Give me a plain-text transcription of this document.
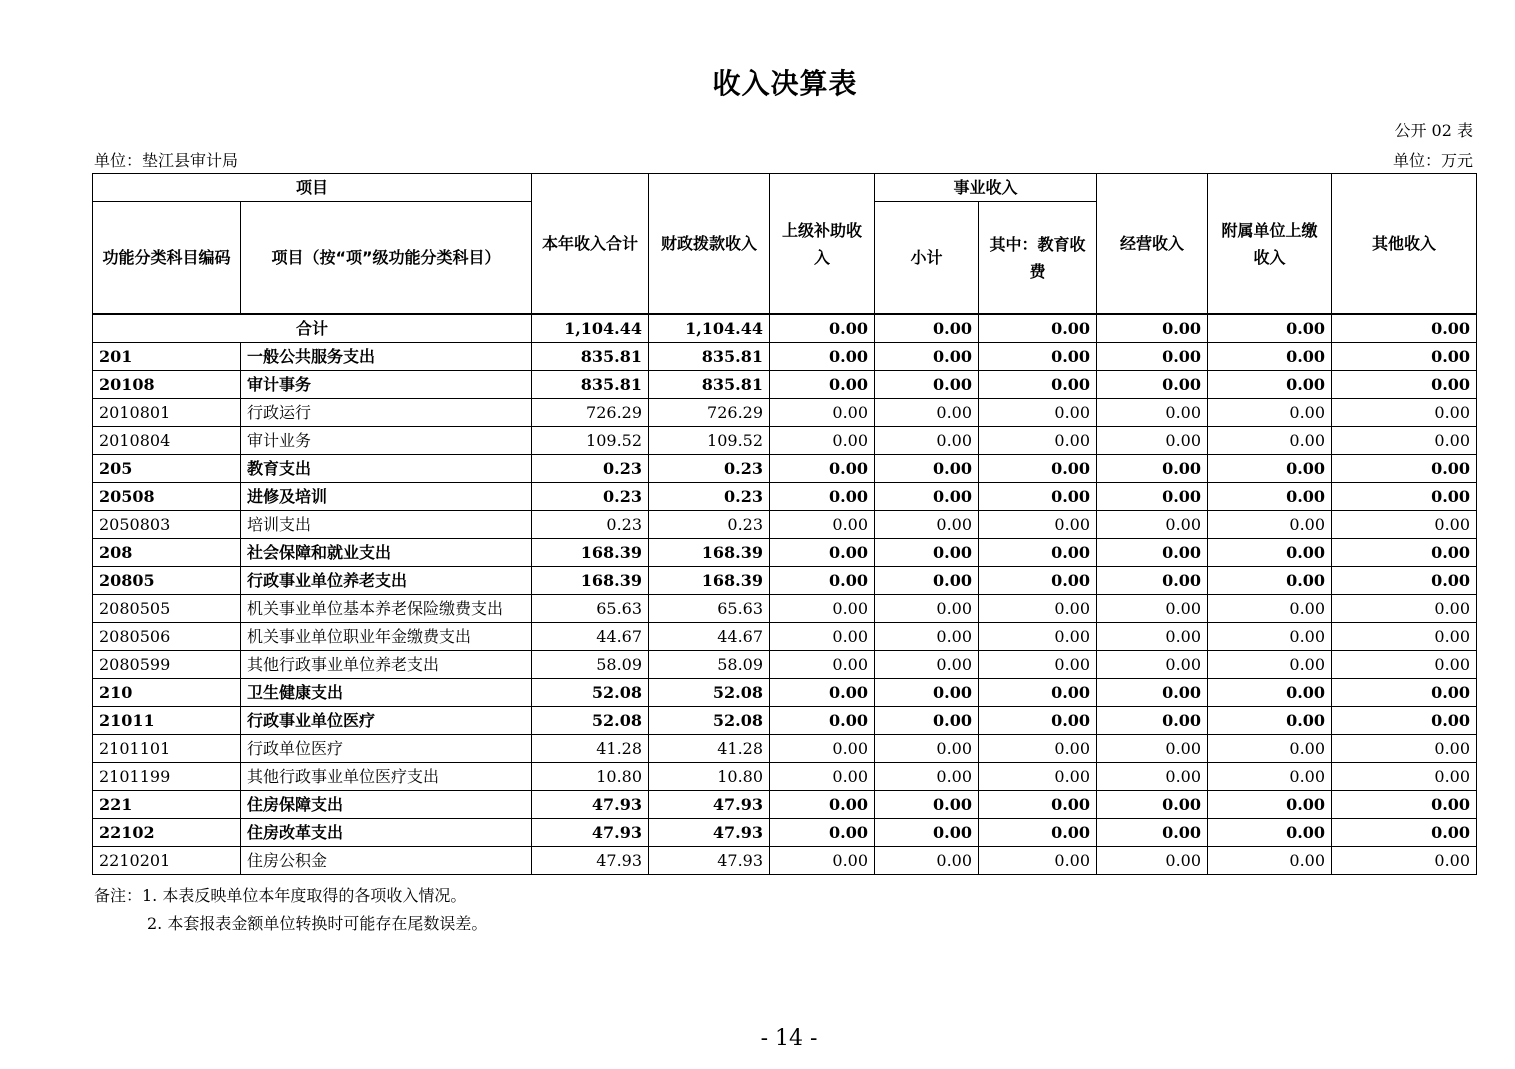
收入决算表
公开 02 表
单位：垫江县审计局	单位：万元
项目		本年收入合计	财政拨款收入	上级补助收入	事业收入		经营收入	附属单位上缴收入	其他收入
功能分类科目编码	项目（按“项”级功能分类科目）				小计	其中：教育收费			
合计		1,104.44	1,104.44	0.00	0.00	0.00	0.00	0.00	0.00
201	一般公共服务支出	835.81	835.81	0.00	0.00	0.00	0.00	0.00	0.00
20108	审计事务	835.81	835.81	0.00	0.00	0.00	0.00	0.00	0.00
2010801	行政运行	726.29	726.29	0.00	0.00	0.00	0.00	0.00	0.00
2010804	审计业务	109.52	109.52	0.00	0.00	0.00	0.00	0.00	0.00
205	教育支出	0.23	0.23	0.00	0.00	0.00	0.00	0.00	0.00
20508	进修及培训	0.23	0.23	0.00	0.00	0.00	0.00	0.00	0.00
2050803	培训支出	0.23	0.23	0.00	0.00	0.00	0.00	0.00	0.00
208	社会保障和就业支出	168.39	168.39	0.00	0.00	0.00	0.00	0.00	0.00
20805	行政事业单位养老支出	168.39	168.39	0.00	0.00	0.00	0.00	0.00	0.00
2080505	机关事业单位基本养老保险缴费支出	65.63	65.63	0.00	0.00	0.00	0.00	0.00	0.00
2080506	机关事业单位职业年金缴费支出	44.67	44.67	0.00	0.00	0.00	0.00	0.00	0.00
2080599	其他行政事业单位养老支出	58.09	58.09	0.00	0.00	0.00	0.00	0.00	0.00
210	卫生健康支出	52.08	52.08	0.00	0.00	0.00	0.00	0.00	0.00
21011	行政事业单位医疗	52.08	52.08	0.00	0.00	0.00	0.00	0.00	0.00
2101101	行政单位医疗	41.28	41.28	0.00	0.00	0.00	0.00	0.00	0.00
2101199	其他行政事业单位医疗支出	10.80	10.80	0.00	0.00	0.00	0.00	0.00	0.00
221	住房保障支出	47.93	47.93	0.00	0.00	0.00	0.00	0.00	0.00
22102	住房改革支出	47.93	47.93	0.00	0.00	0.00	0.00	0.00	0.00
2210201	住房公积金	47.93	47.93	0.00	0.00	0.00	0.00	0.00	0.00
备注：1. 本表反映单位本年度取得的各项收入情况。
2. 本套报表金额单位转换时可能存在尾数误差。
- 14 -
